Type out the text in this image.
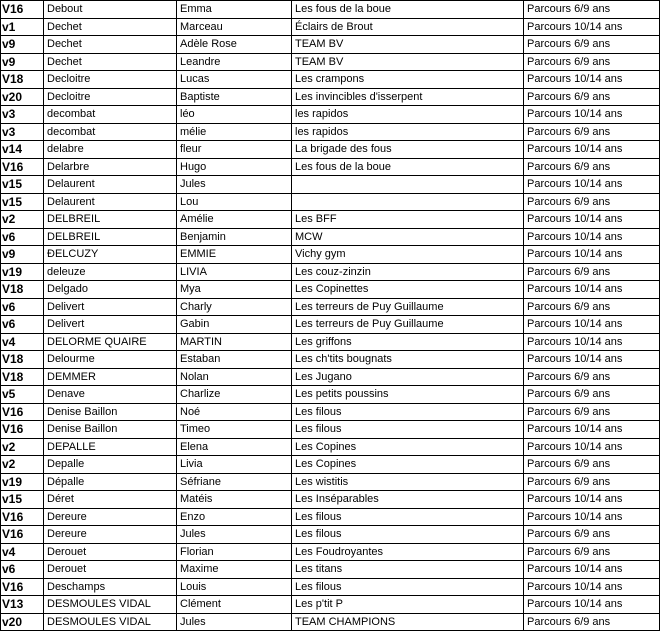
V16	Debout	Emma	Les fous de la boue	Parcours 6/9 ans
v1	Dechet	Marceau	Éclairs de Brout	Parcours 10/14 ans
v9	Dechet	Adèle Rose	TEAM BV	Parcours 6/9 ans
v9	Dechet	Leandre	TEAM BV	Parcours 6/9 ans
V18	Decloitre	Lucas	Les crampons	Parcours 10/14 ans
v20	Decloitre	Baptiste	Les invincibles d'isserpent	Parcours 6/9 ans
v3	decombat	léo	les rapidos	Parcours 10/14 ans
v3	decombat	mélie	les rapidos	Parcours 6/9 ans
v14	delabre	fleur	La brigade des fous	Parcours 10/14 ans
V16	Delarbre	Hugo	Les fous de la boue	Parcours 6/9 ans
v15	Delaurent	Jules		Parcours 10/14 ans
v15	Delaurent	Lou		Parcours 6/9 ans
v2	DELBREIL	Amélie	Les BFF	Parcours 10/14 ans
v6	DELBREIL	Benjamin	MCW	Parcours 10/14 ans
v9	ĐELCUZY	EMMIE	Vichy gym	Parcours 10/14 ans
v19	deleuze	LIVIA	Les couz-zinzin	Parcours 6/9 ans
V18	Delgado	Mya	Les Copinettes	Parcours 10/14 ans
v6	Delivert	Charly	Les terreurs de Puy Guillaume	Parcours 6/9 ans
v6	Delivert	Gabin	Les terreurs de Puy Guillaume	Parcours 10/14 ans
v4	DELORME QUAIRE	MARTIN	Les griffons	Parcours 10/14 ans
V18	Delourme	Estaban	Les ch'tits bougnats	Parcours 10/14 ans
V18	DEMMER	Nolan	Les Jugano	Parcours 6/9 ans
v5	Denave	Charlize	Les petits poussins	Parcours 6/9 ans
V16	Denise Baillon	Noé	Les filous	Parcours 6/9 ans
V16	Denise Baillon	Timeo	Les filous	Parcours 10/14 ans
v2	DEPALLE	Elena	Les Copines	Parcours 10/14 ans
v2	Depalle	Livia	Les Copines	Parcours 6/9 ans
v19	Dépalle	Séfriane	Les wistitis	Parcours 6/9 ans
v15	Déret	Matéis	Les Inséparables	Parcours 10/14 ans
V16	Dereure	Enzo	Les filous	Parcours 10/14 ans
V16	Dereure	Jules	Les filous	Parcours 6/9 ans
v4	Derouet	Florian	Les Foudroyantes	Parcours 6/9 ans
v6	Derouet	Maxime	Les titans	Parcours 10/14 ans
V16	Deschamps	Louis	Les filous	Parcours 10/14 ans
V13	DESMOULES VIDAL	Clément	Les p'tit P	Parcours 10/14 ans
v20	DESMOULES VIDAL	Jules	TEAM CHAMPIONS	Parcours 6/9 ans
